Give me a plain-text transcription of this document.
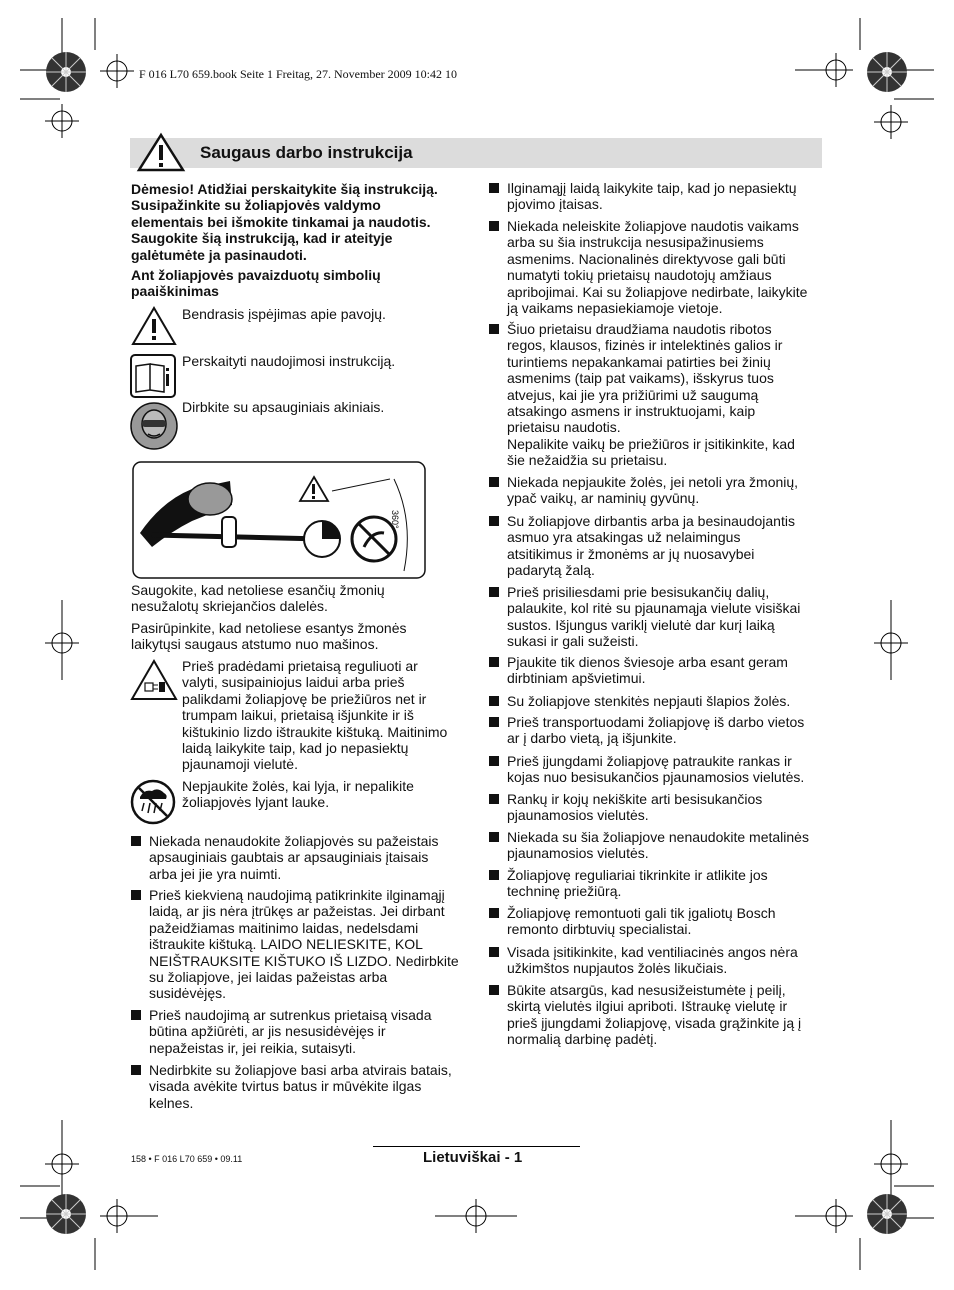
F 016 L70 659.book Seite 1 Freitag, 27. November 2009 10:42 10
Saugaus darbo instrukcija
Dėmesio! Atidžiai perskaitykite šią instrukciją.
Susipažinkite su žoliapjovės valdymo
elementais bei išmokite tinkamai ja naudotis.
Saugokite šią instrukciją, kad ir ateityje
galėtumėte ja pasinaudoti.
Ant žoliapjovės pavaizduotų simbolių
paaiškinimas
Bendrasis įspėjimas apie pavojų.
Perskaityti naudojimosi instrukciją.
Dirbkite su apsauginiais akiniais.
360°
Saugokite, kad netoliese esančių žmonių
nesužalotų skriejančios dalelės.
Pasirūpinkite, kad netoliese esantys žmonės
laikytųsi saugaus atstumo nuo mašinos.
Prieš pradėdami prietaisą reguliuoti ar
valyti, susipainiojus laidui arba prieš
palikdami žoliapjovę be priežiūros net ir
trumpam laikui, prietaisą išjunkite ir iš
kištukinio lizdo ištraukite kištuką. Maitinimo
laidą laikykite taip, kad jo nepasiektų
pjaunamoji vielutė.
Nepjaukite žolės, kai lyja, ir nepalikite
žoliapjovės lyjant lauke.
Niekada nenaudokite žoliapjovės su pažeistais
apsauginiais gaubtais ar apsauginiais įtaisais
arba jei jie yra nuimti.
Prieš kiekvieną naudojimą patikrinkite ilginamąjį
laidą, ar jis nėra įtrūkęs ar pažeistas. Jei dirbant
pažeidžiamas maitinimo laidas, nedelsdami
ištraukite kištuką. LAIDO NELIESKITE, KOL
NEIŠTRAUKSITE KIŠTUKO IŠ LIZDO. Nedirbkite
su žoliapjove, jei laidas pažeistas arba
susidėvėjęs.
Prieš naudojimą ar sutrenkus prietaisą visada
būtina apžiūrėti, ar jis nesusidėvėjęs ir
nepažeistas ir, jei reikia, sutaisyti.
Nedirbkite su žoliapjove basi arba atvirais batais,
visada avėkite tvirtus batus ir mūvėkite ilgas
kelnes.
Ilginamąjį laidą laikykite taip, kad jo nepasiektų
pjovimo įtaisas.
Niekada neleiskite žoliapjove naudotis vaikams
arba su šia instrukcija nesusipažinusiems
asmenims. Nacionalinės direktyvose gali būti
numatyti tokių prietaisų naudotojų amžiaus
apribojimai. Kai su žoliapjove nedirbate, laikykite
ją vaikams nepasiekiamoje vietoje.
Šiuo prietaisu draudžiama naudotis ribotos
regos, klausos, fizinės ir intelektinės galios ir
turintiems nepakankamai patirties bei žinių
asmenims (taip pat vaikams), išskyrus tuos
atvejus, kai jie yra prižiūrimi už saugumą
atsakingo asmens ir instruktuojami, kaip
prietaisu naudotis.
Nepalikite vaikų be priežiūros ir įsitikinkite, kad
šie nežaidžia su prietaisu.
Niekada nepjaukite žolės, jei netoli yra žmonių,
ypač vaikų, ar naminių gyvūnų.
Su žoliapjove dirbantis arba ja besinaudojantis
asmuo yra atsakingas už nelaimingus
atsitikimus ir žmonėms ar jų nuosavybei
padarytą žalą.
Prieš prisiliesdami prie besisukančių dalių,
palaukite, kol ritė su pjaunamąja vielute visiškai
sustos. Išjungus variklį vielutė dar kurį laiką
sukasi ir gali sužeisti.
Pjaukite tik dienos šviesoje arba esant geram
dirbtiniam apšvietimui.
Su žoliapjove stenkitės nepjauti šlapios žolės.
Prieš transportuodami žoliapjovę iš darbo vietos
ar į darbo vietą, ją išjunkite.
Prieš įjungdami žoliapjovę patraukite rankas ir
kojas nuo besisukančios pjaunamosios vielutės.
Rankų ir kojų nekiškite arti besisukančios
pjaunamosios vielutės.
Niekada su šia žoliapjove nenaudokite metalinės
pjaunamosios vielutės.
Žoliapjovę reguliariai tikrinkite ir atlikite jos
techninę priežiūrą.
Žoliapjovę remontuoti gali tik įgaliotų Bosch
remonto dirbtuvių specialistai.
Visada įsitikinkite, kad ventiliacinės angos nėra
užkimštos nupjautos žolės likučiais.
Būkite atsargūs, kad nesusižeistumėte į peilį,
skirtą vielutės ilgiui apriboti. Ištraukę vielutę ir
prieš įjungdami žoliapjovę, visada grąžinkite ją į
normalią darbinę padėtį.
158 • F 016 L70 659 • 09.11	Lietuviškai - 1
